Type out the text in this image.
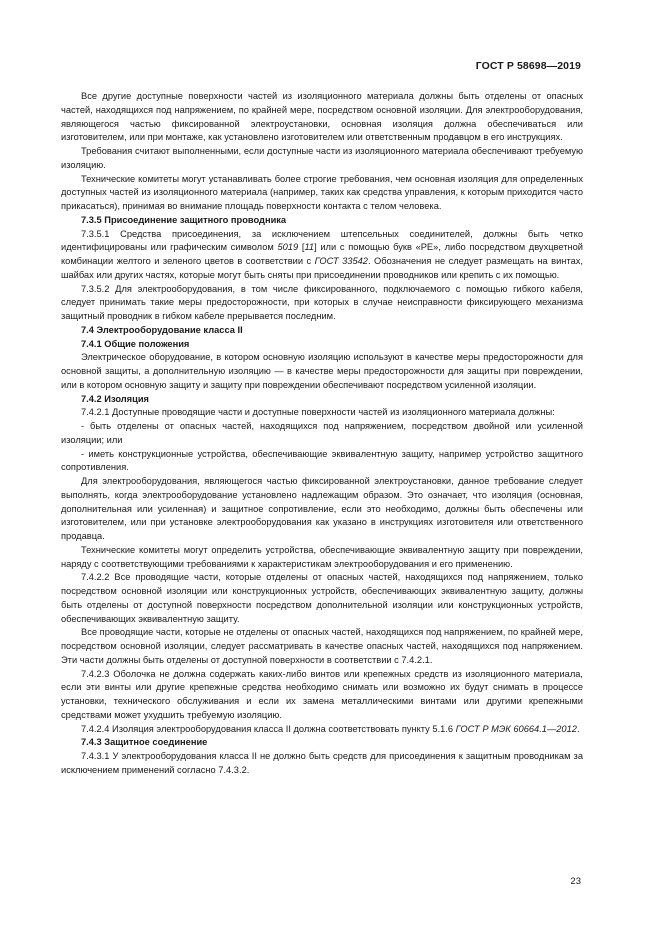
ГОСТ Р 58698—2019

Все другие доступные поверхности частей из изоляционного материала должны быть отделены от опасных частей, находящихся под напряжением, по крайней мере, посредством основной изоляции. Для электрооборудования, являющегося частью фиксированной электроустановки, основная изоляция должна обеспечиваться или изготовителем, или при монтаже, как установлено изготовителем или ответственным продавцом в его инструкциях.

Требования считают выполненными, если доступные части из изоляционного материала обеспечивают требуемую изоляцию.

Технические комитеты могут устанавливать более строгие требования, чем основная изоляция для определенных доступных частей из изоляционного материала (например, таких как средства управления, к которым приходится часто прикасаться), принимая во внимание площадь поверхности контакта с телом человека.

7.3.5 Присоединение защитного проводника

7.3.5.1 Средства присоединения, за исключением штепсельных соединителей, должны быть четко идентифицированы или графическим символом 5019 [11] или с помощью букв «PE», либо посредством двухцветной комбинации желтого и зеленого цветов в соответствии с ГОСТ 33542. Обозначения не следует размещать на винтах, шайбах или других частях, которые могут быть сняты при присоединении проводников или крепить с их помощью.

7.3.5.2 Для электрооборудования, в том числе фиксированного, подключаемого с помощью гибкого кабеля, следует принимать такие меры предосторожности, при которых в случае неисправности фиксирующего механизма защитный проводник в гибком кабеле прерывается последним.

7.4 Электрооборудование класса II

7.4.1 Общие положения

Электрическое оборудование, в котором основную изоляцию используют в качестве меры предосторожности для основной защиты, а дополнительную изоляцию — в качестве меры предосторожности для защиты при повреждении, или в котором основную защиту и защиту при повреждении обеспечивают посредством усиленной изоляции.

7.4.2 Изоляция

7.4.2.1 Доступные проводящие части и доступные поверхности частей из изоляционного материала должны:

- быть отделены от опасных частей, находящихся под напряжением, посредством двойной или усиленной изоляции; или

- иметь конструкционные устройства, обеспечивающие эквивалентную защиту, например устройство защитного сопротивления.

Для электрооборудования, являющегося частью фиксированной электроустановки, данное требование следует выполнять, когда электрооборудование установлено надлежащим образом. Это означает, что изоляция (основная, дополнительная или усиленная) и защитное сопротивление, если это необходимо, должны быть обеспечены или изготовителем, или при установке электрооборудования как указано в инструкциях изготовителя или ответственного продавца.

Технические комитеты могут определить устройства, обеспечивающие эквивалентную защиту при повреждении, наряду с соответствующими требованиями к характеристикам электрооборудования и его применению.

7.4.2.2 Все проводящие части, которые отделены от опасных частей, находящихся под напряжением, только посредством основной изоляции или конструкционных устройств, обеспечивающих эквивалентную защиту, должны быть отделены от доступной поверхности посредством дополнительной изоляции или конструкционных устройств, обеспечивающих эквивалентную защиту.

Все проводящие части, которые не отделены от опасных частей, находящихся под напряжением, по крайней мере, посредством основной изоляции, следует рассматривать в качестве опасных частей, находящихся под напряжением. Эти части должны быть отделены от доступной поверхности в соответствии с 7.4.2.1.

7.4.2.3 Оболочка не должна содержать каких-либо винтов или крепежных средств из изоляционного материала, если эти винты или другие крепежные средства необходимо снимать или возможно их будут снимать в процессе установки, технического обслуживания и если их замена металлическими винтами или другими крепежными средствами может ухудшить требуемую изоляцию.

7.4.2.4 Изоляция электрооборудования класса II должна соответствовать пункту 5.1.6 ГОСТ Р МЭК 60664.1—2012.

7.4.3 Защитное соединение

7.4.3.1 У электрооборудования класса II не должно быть средств для присоединения к защитным проводникам за исключением применений согласно 7.4.3.2.

23
